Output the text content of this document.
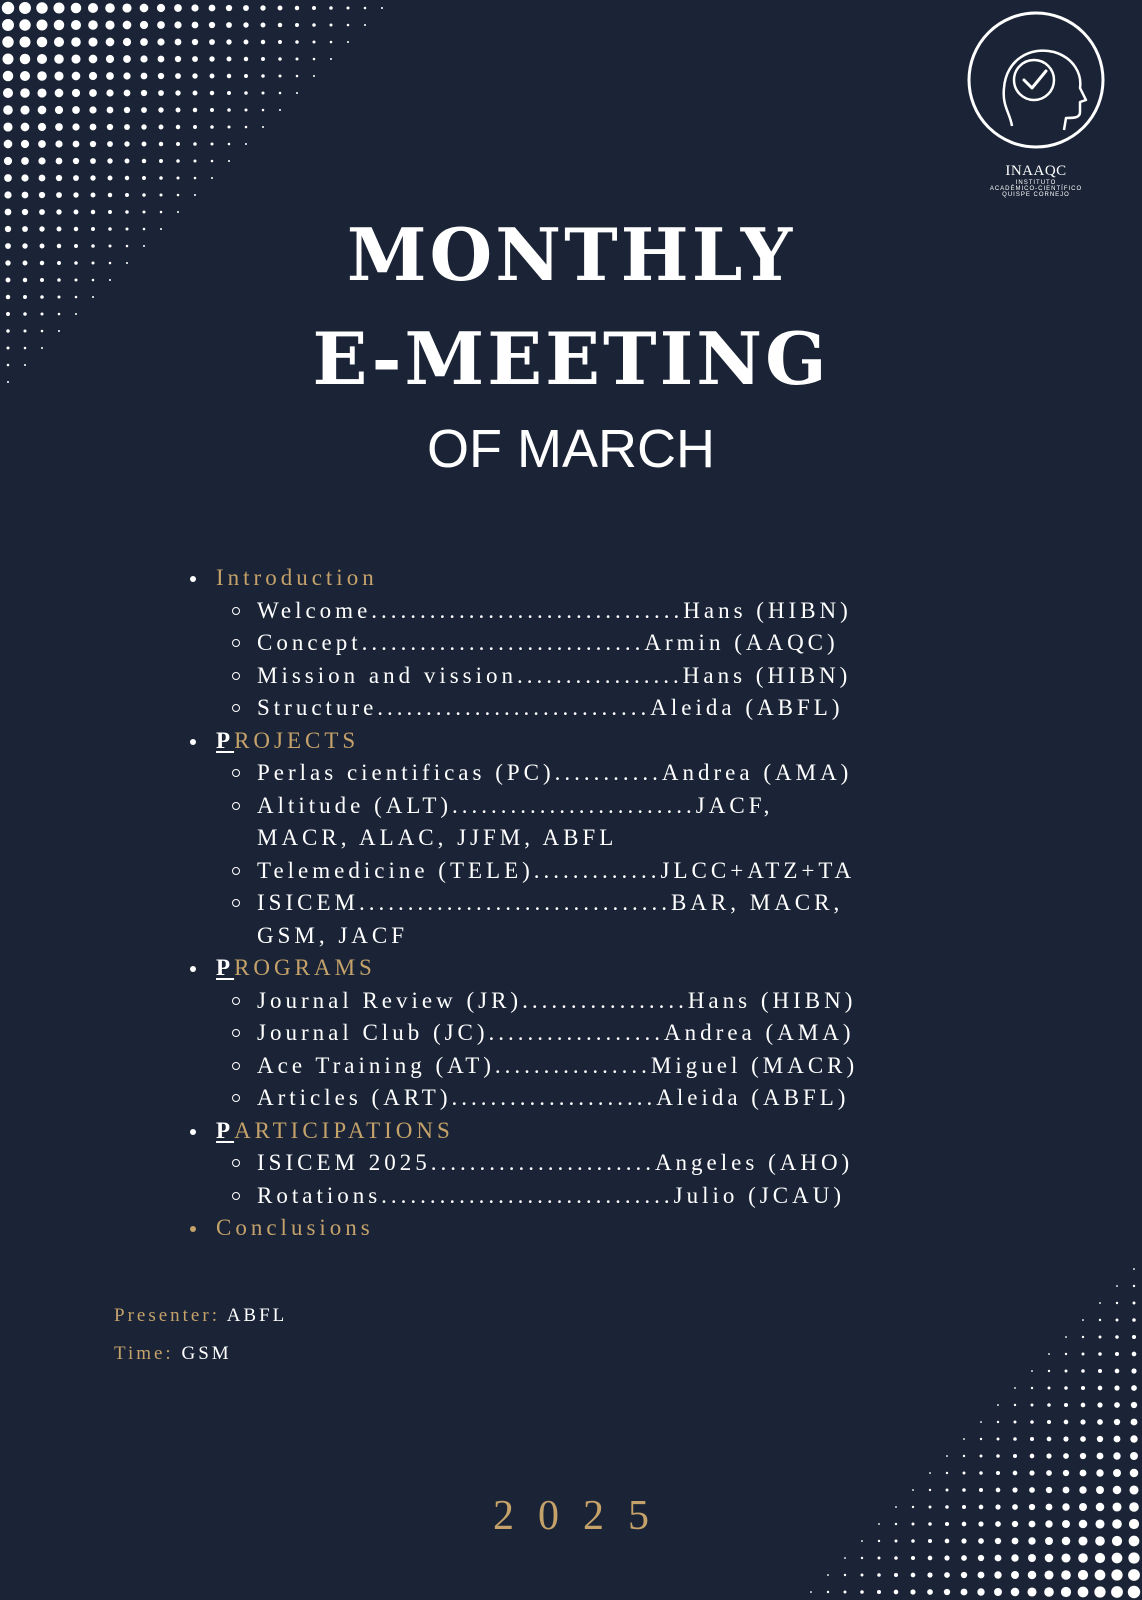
INAAQC
INSTITUTO
ACADÉMICO-CIENTÍFICO
QUISPE CORNEJO
MONTHLY
E-MEETING
OF MARCH
Introduction
Welcome................................Hans (HIBN)
Concept.............................Armin (AAQC)
Mission and vission.................Hans (HIBN)
Structure............................Aleida (ABFL)
PROJECTS
Perlas cientificas (PC)...........Andrea (AMA)
Altitude (ALT).........................JACF,
MACR, ALAC, JJFM, ABFL
Telemedicine (TELE).............JLCC+ATZ+TA
ISICEM................................BAR, MACR,
GSM, JACF
PROGRAMS
Journal Review (JR).................Hans (HIBN)
Journal Club (JC)..................Andrea (AMA)
Ace Training (AT)................Miguel (MACR)
Articles (ART).....................Aleida (ABFL)
PARTICIPATIONS
ISICEM 2025.......................Angeles (AHO)
Rotations..............................Julio (JCAU)
Conclusions
Presenter: ABFL
Time: GSM
2025
